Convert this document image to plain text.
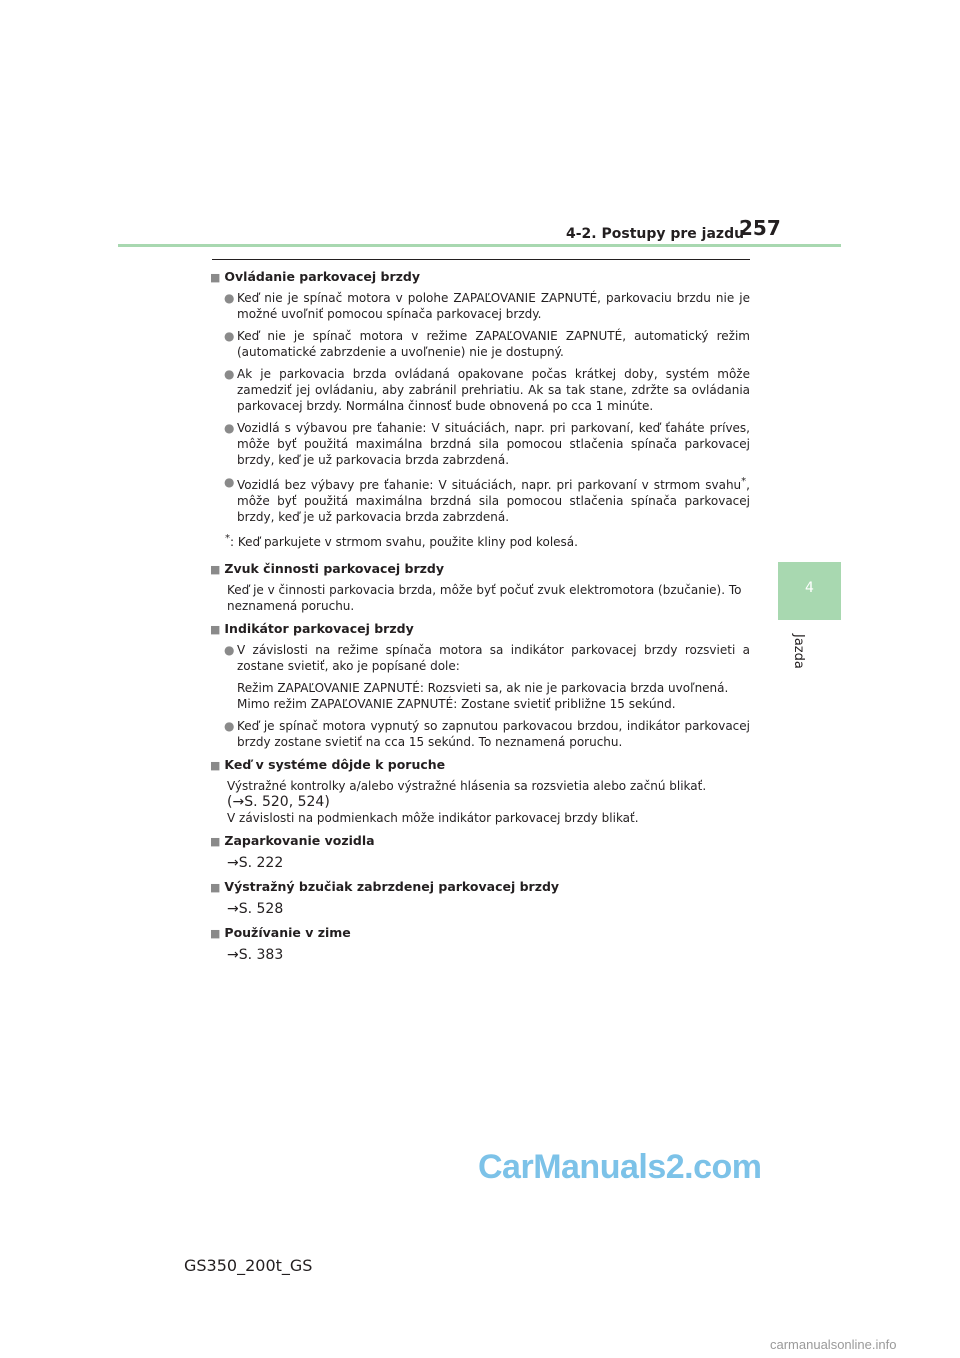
4-2. Postupy pre jazdu
257
4
Jazda
■ Ovládanie parkovacej brzdy
● Keď nie je spínač motora v polohe ZAPAĽOVANIE ZAPNUTÉ, parkovaciu brzdu nie je možné uvoľniť pomocou spínača parkovacej brzdy.
● Keď nie je spínač motora v režime ZAPAĽOVANIE ZAPNUTÉ, automatický režim (automatické zabrzdenie a uvoľnenie) nie je dostupný.
● Ak je parkovacia brzda ovládaná opakovane počas krátkej doby, systém môže zamedziť jej ovládaniu, aby zabránil prehriatiu. Ak sa tak stane, zdržte sa ovládania parkovacej brzdy. Normálna činnosť bude obnovená po cca 1 minúte.
● Vozidlá s výbavou pre ťahanie: V situáciách, napr. pri parkovaní, keď ťaháte príves, môže byť použitá maximálna brzdná sila pomocou stlačenia spínača parkovacej brzdy, keď je už parkovacia brzda zabrzdená.
● Vozidlá bez výbavy pre ťahanie: V situáciách, napr. pri parkovaní v strmom svahu*, môže byť použitá maximálna brzdná sila pomocou stlačenia spínača parkovacej brzdy, keď je už parkovacia brzda zabrzdená.
*: Keď parkujete v strmom svahu, použite kliny pod kolesá.
■ Zvuk činnosti parkovacej brzdy
Keď je v činnosti parkovacia brzda, môže byť počuť zvuk elektromotora (bzučanie). To neznamená poruchu.
■ Indikátor parkovacej brzdy
● V závislosti na režime spínača motora sa indikátor parkovacej brzdy rozsvieti a zostane svietiť, ako je popísané dole:
Režim ZAPAĽOVANIE ZAPNUTÉ: Rozsvieti sa, ak nie je parkovacia brzda uvoľnená.
Mimo režim ZAPAĽOVANIE ZAPNUTÉ: Zostane svietiť približne 15 sekúnd.
● Keď je spínač motora vypnutý so zapnutou parkovacou brzdou, indikátor parkovacej brzdy zostane svietiť na cca 15 sekúnd. To neznamená poruchu.
■ Keď v systéme dôjde k poruche
Výstražné kontrolky a/alebo výstražné hlásenia sa rozsvietia alebo začnú blikať.
(→S. 520, 524)
V závislosti na podmienkach môže indikátor parkovacej brzdy blikať.
■ Zaparkovanie vozidla
→S. 222
■ Výstražný bzučiak zabrzdenej parkovacej brzdy
→S. 528
■ Používanie v zime
→S. 383
CarManuals2.com
GS350_200t_GS
carmanualsonline.info
